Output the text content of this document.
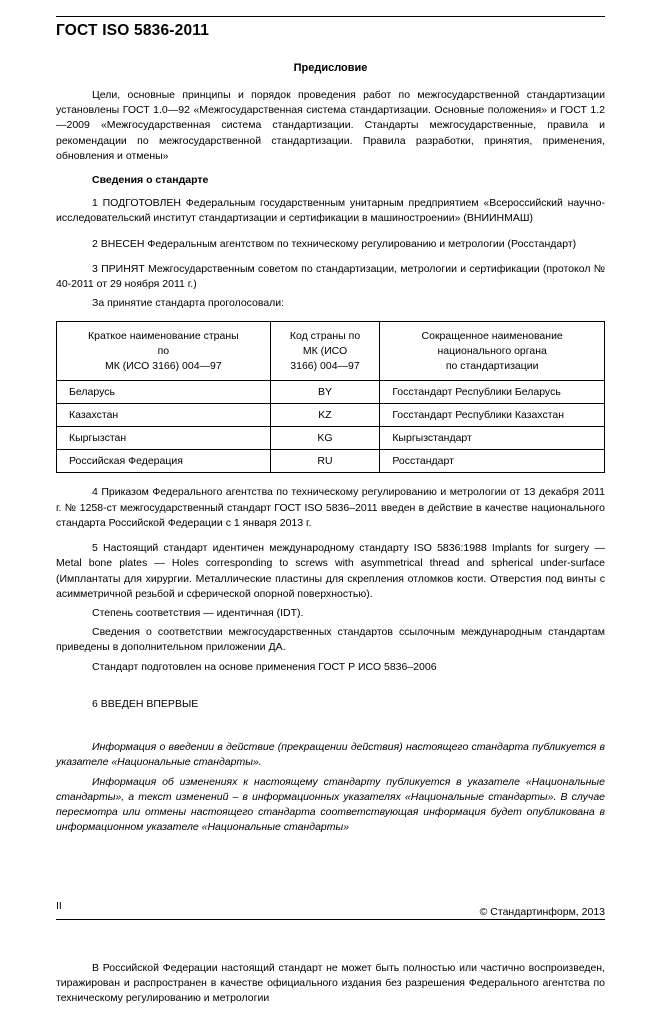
ГОСТ ISO 5836-2011
Предисловие

Цели, основные принципы и порядок проведения работ по межгосударственной стандартизации установлены ГОСТ 1.0—92 «Межгосударственная система стандартизации. Основные положения» и ГОСТ 1.2—2009 «Межгосударственная система стандартизации. Стандарты межгосударственные, правила и рекомендации по межгосударственной стандартизации. Правила разработки, принятия, применения, обновления и отмены»

Сведения о стандарте

1 ПОДГОТОВЛЕН Федеральным государственным унитарным предприятием «Всероссийский научно-исследовательский институт стандартизации и сертификации в машиностроении» (ВНИИНМАШ)

2 ВНЕСЕН Федеральным агентством по техническому регулированию и метрологии (Росстандарт)

3 ПРИНЯТ Межгосударственным советом по стандартизации, метрологии и сертификации (протокол № 40-2011 от 29 ноября 2011 г.)

За принятие стандарта проголосовали:

Краткое наименование страны
по
МК (ИСО 3166) 004—97	Код страны по
МК (ИСО
3166) 004—97	Сокращенное наименование
национального органа
по стандартизации
Беларусь	BY	Госстандарт Республики Беларусь
Казахстан	KZ	Госстандарт Республики Казахстан
Кыргызстан	KG	Кыргызстандарт
Российская Федерация	RU	Росстандарт

4 Приказом Федерального агентства по техническому регулированию и метрологии от 13 декабря 2011 г. № 1258-ст межгосударственный стандарт ГОСТ ISO 5836–2011 введен в действие в качестве национального стандарта Российской Федерации с 1 января 2013 г.

5 Настоящий стандарт идентичен международному стандарту ISO 5836:1988 Implants for surgery — Metal bone plates — Holes corresponding to screws with asymmetrical thread and spherical under-surface (Имплантаты для хирургии. Металлические пластины для скрепления отломков кости. Отверстия под винты с асимметричной резьбой и сферической опорной поверхностью).

Степень соответствия — идентичная (IDT).

Сведения о соответствии межгосударственных стандартов ссылочным международным стандартам приведены в дополнительном приложении ДА.

Стандарт подготовлен на основе применения ГОСТ Р ИСО 5836–2006

6 ВВЕДЕН ВПЕРВЫЕ

Информация о введении в действие (прекращении действия) настоящего стандарта публикуется в указателе «Национальные стандарты».

Информация об изменениях к настоящему стандарту публикуется в указателе «Национальные стандарты», а текст изменений – в информационных указателях «Национальные стандарты». В случае пересмотра или отмены настоящего стандарта соответствующая информация будет опубликована в информационном указателе «Национальные стандарты»

© Стандартинформ, 2013

В Российской Федерации настоящий стандарт не может быть полностью или частично воспроизведен, тиражирован и распространен в качестве официального издания без разрешения Федерального агентства по техническому регулированию и метрологии

II
